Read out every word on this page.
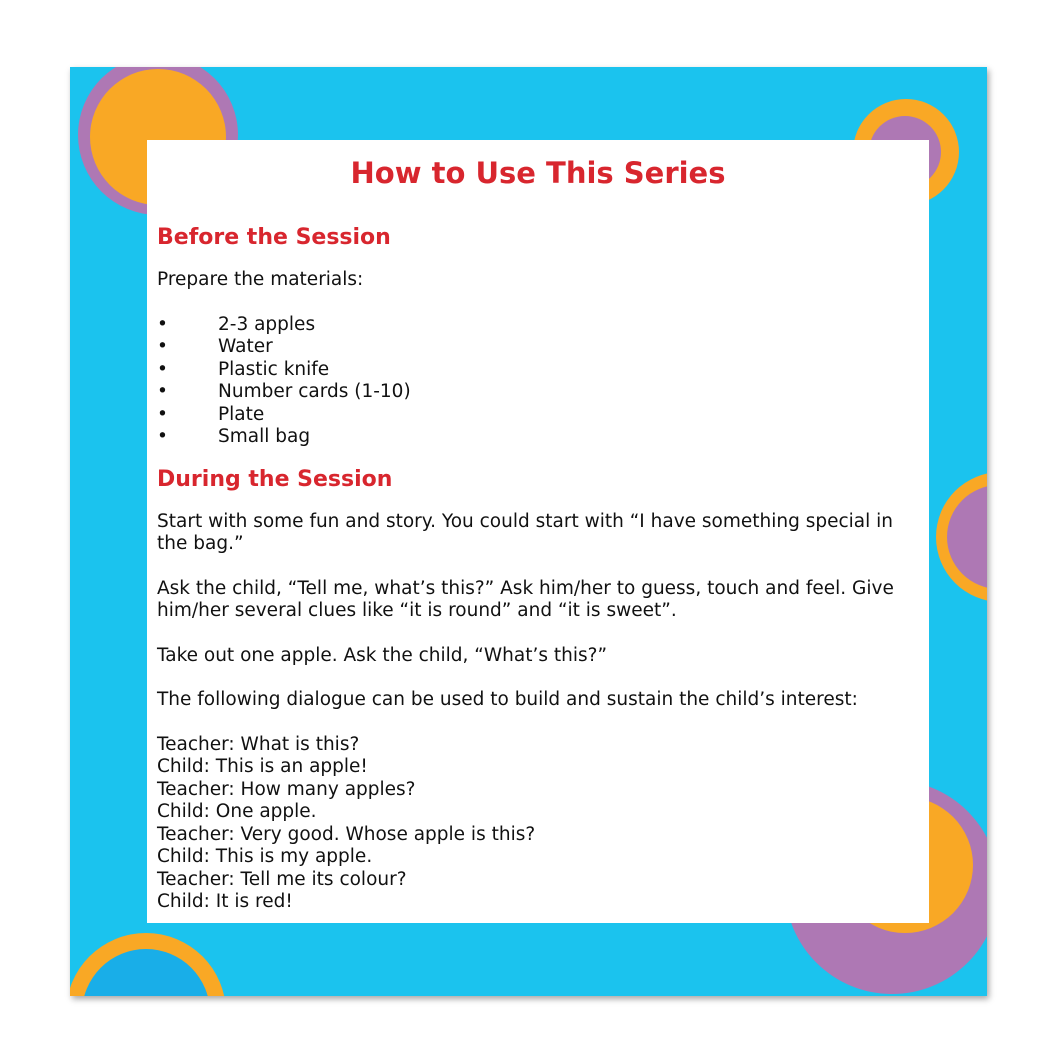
How to Use This Series
Before the Session

Prepare the materials:

•	2-3 apples
•	Water
•	Plastic knife
•	Number cards (1-10)
•	Plate
•	Small bag
During the Session

Start with some fun and story. You could start with “I have something special in the bag.”

Ask the child, “Tell me, what’s this?” Ask him/her to guess, touch and feel. Give him/her several clues like “it is round” and “it is sweet”.

Take out one apple. Ask the child, “What’s this?”

The following dialogue can be used to build and sustain the child’s interest:

Teacher: What is this?

Child: This is an apple!

Teacher: How many apples?

Child: One apple.

Teacher: Very good. Whose apple is this?

Child: This is my apple.

Teacher: Tell me its colour?

Child: It is red!
